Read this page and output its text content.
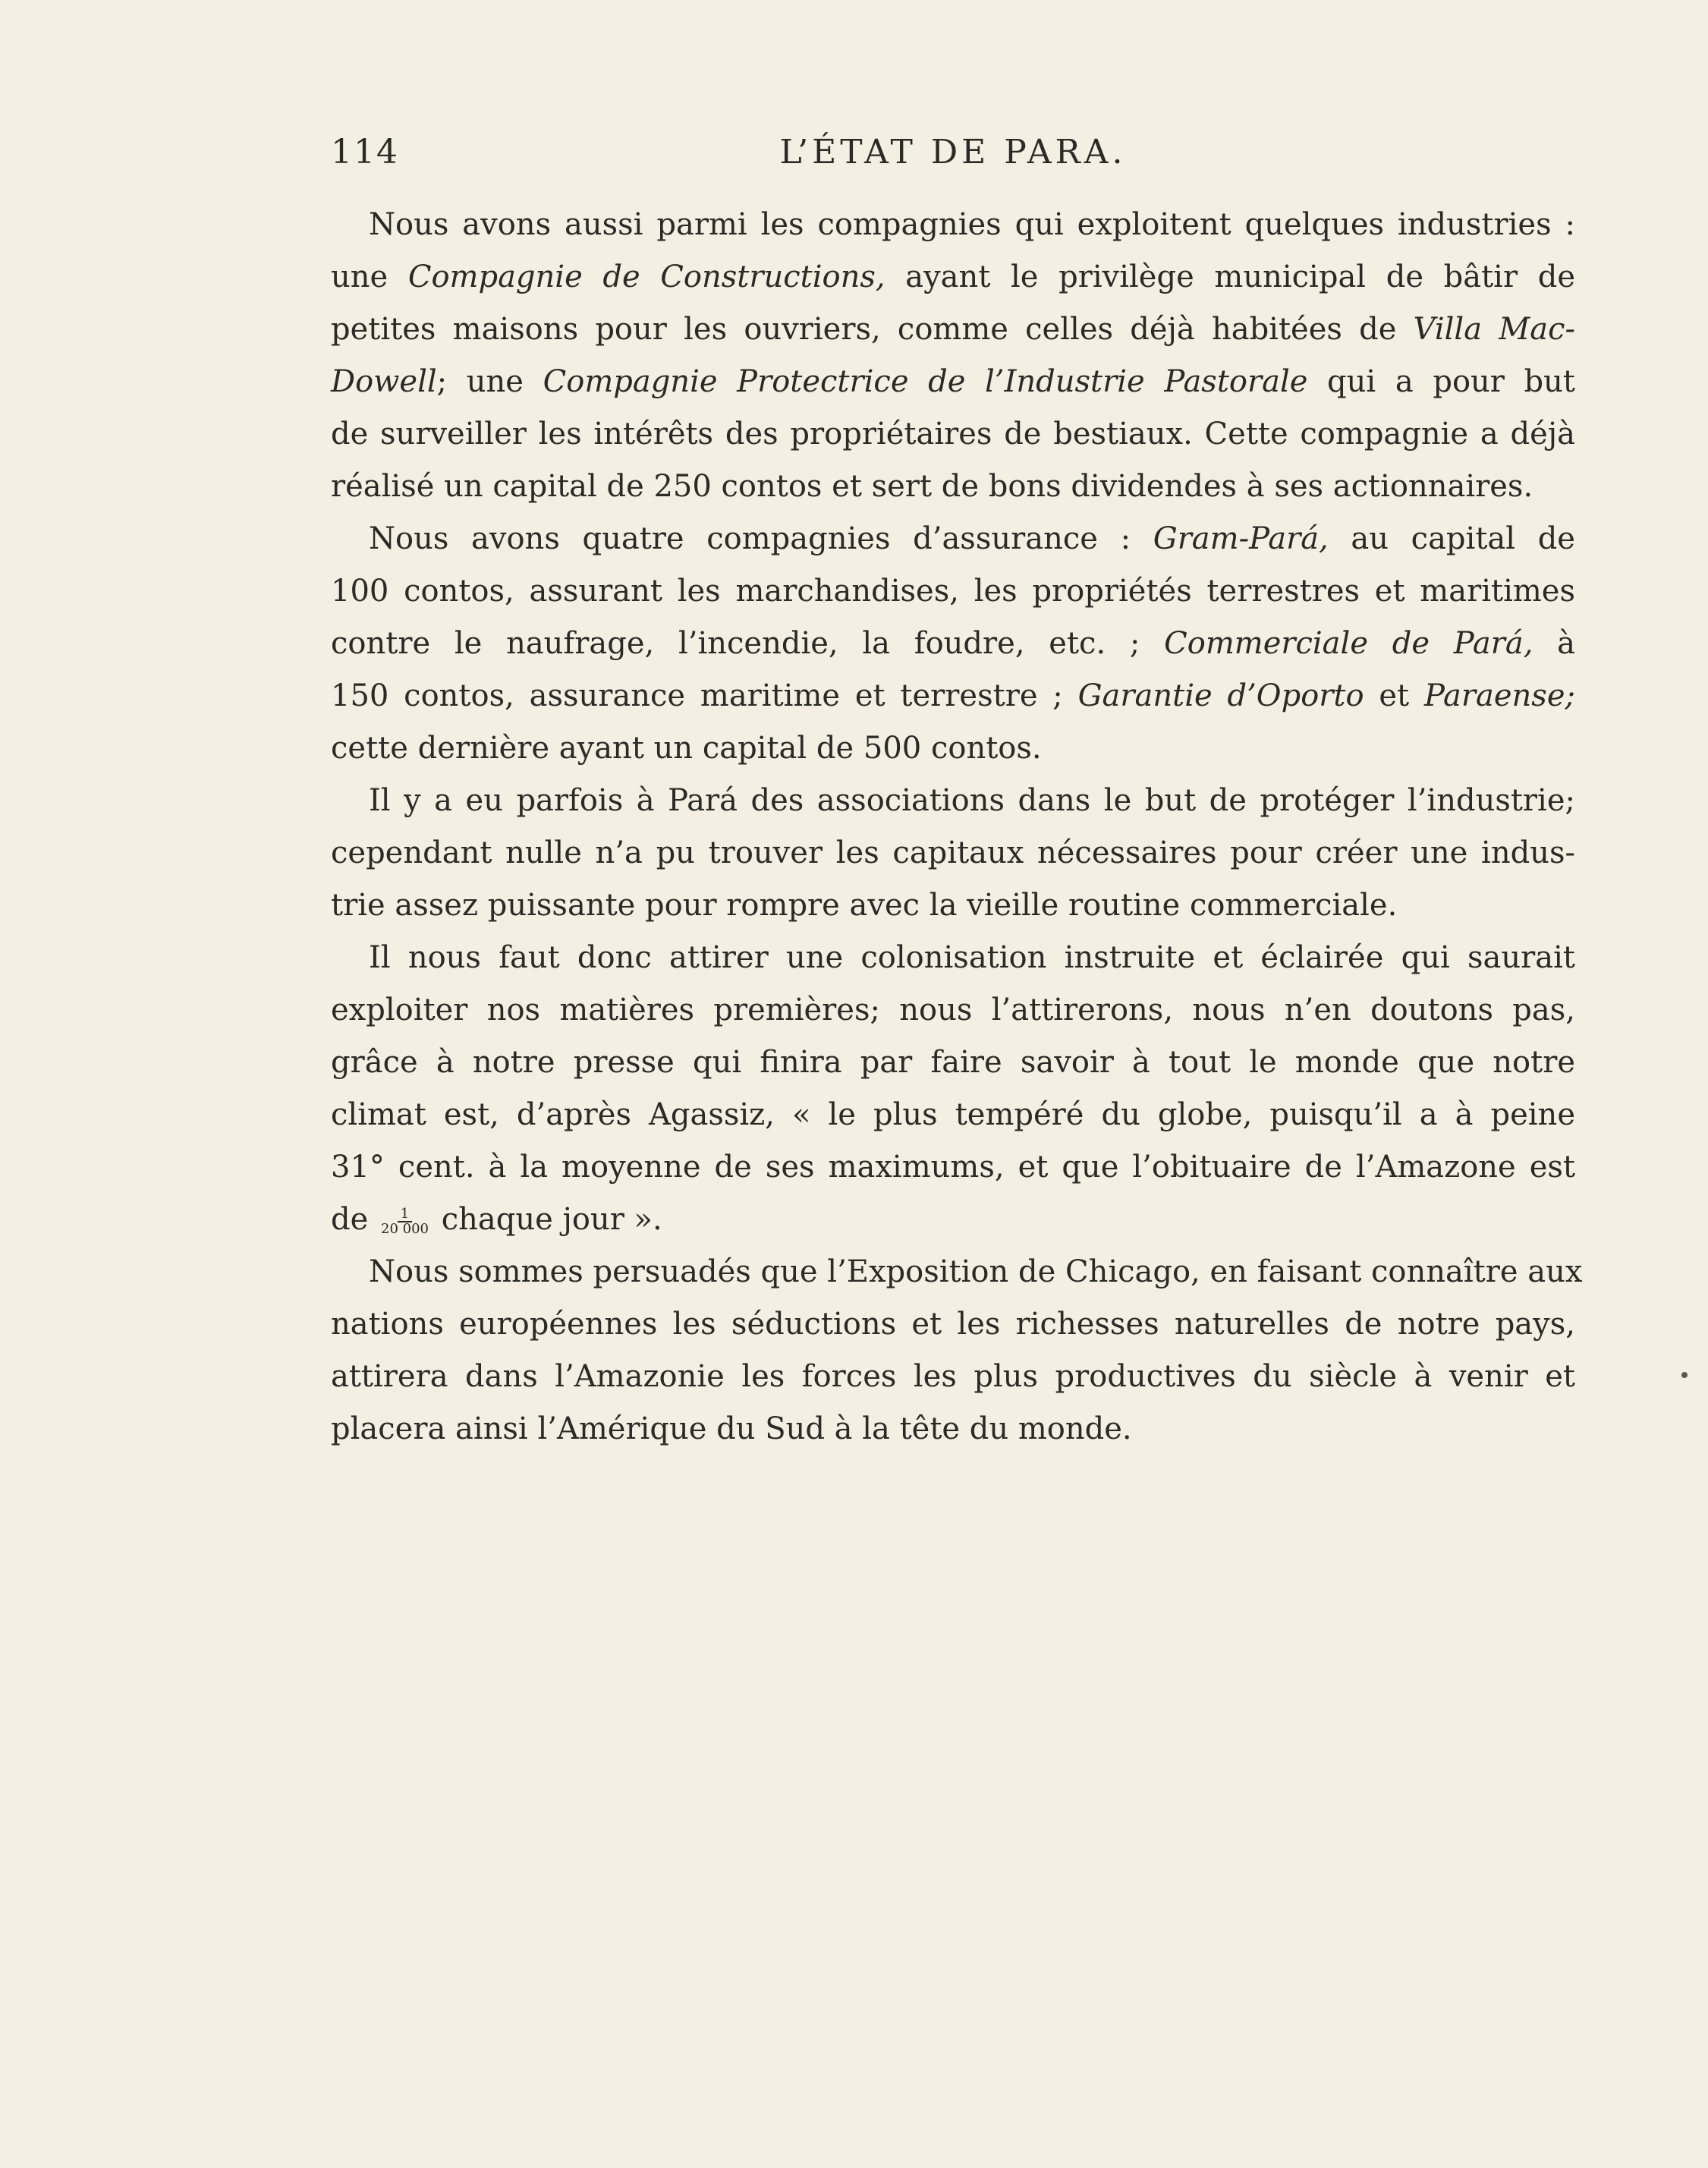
114	L’ÉTAT DE PARA.
Nous avons aussi parmi les compagnies qui exploitent quelques industries :
une Compagnie de Constructions, ayant le privilège municipal de bâtir de
petites maisons pour les ouvriers, comme celles déjà habitées de Villa Mac-
Dowell; une Compagnie Protectrice de l’Industrie Pastorale qui a pour but
de surveiller les intérêts des propriétaires de bestiaux. Cette compagnie a déjà
réalisé un capital de 250 contos et sert de bons dividendes à ses actionnaires.
Nous avons quatre compagnies d’assurance : Gram-Pará, au capital de
100 contos, assurant les marchandises, les propriétés terrestres et maritimes
contre le naufrage, l’incendie, la foudre, etc. ; Commerciale de Pará, à
150 contos, assurance maritime et terrestre ; Garantie d’Oporto et Paraense;
cette dernière ayant un capital de 500 contos.
Il y a eu parfois à Pará des associations dans le but de protéger l’industrie;
cependant nulle n’a pu trouver les capitaux nécessaires pour créer une indus-
trie assez puissante pour rompre avec la vieille routine commerciale.
Il nous faut donc attirer une colonisation instruite et éclairée qui saurait
exploiter nos matières premières; nous l’attirerons, nous n’en doutons pas,
grâce à notre presse qui finira par faire savoir à tout le monde que notre
climat est, d’après Agassiz, « le plus tempéré du globe, puisqu’il a à peine
31° cent. à la moyenne de ses maximums, et que l’obituaire de l’Amazone est
de $\frac{1}{20 000}$ chaque jour ».
Nous sommes persuadés que l’Exposition de Chicago, en faisant connaître aux
nations européennes les séductions et les richesses naturelles de notre pays,
attirera dans l’Amazonie les forces les plus productives du siècle à venir et
placera ainsi l’Amérique du Sud à la tête du monde.
